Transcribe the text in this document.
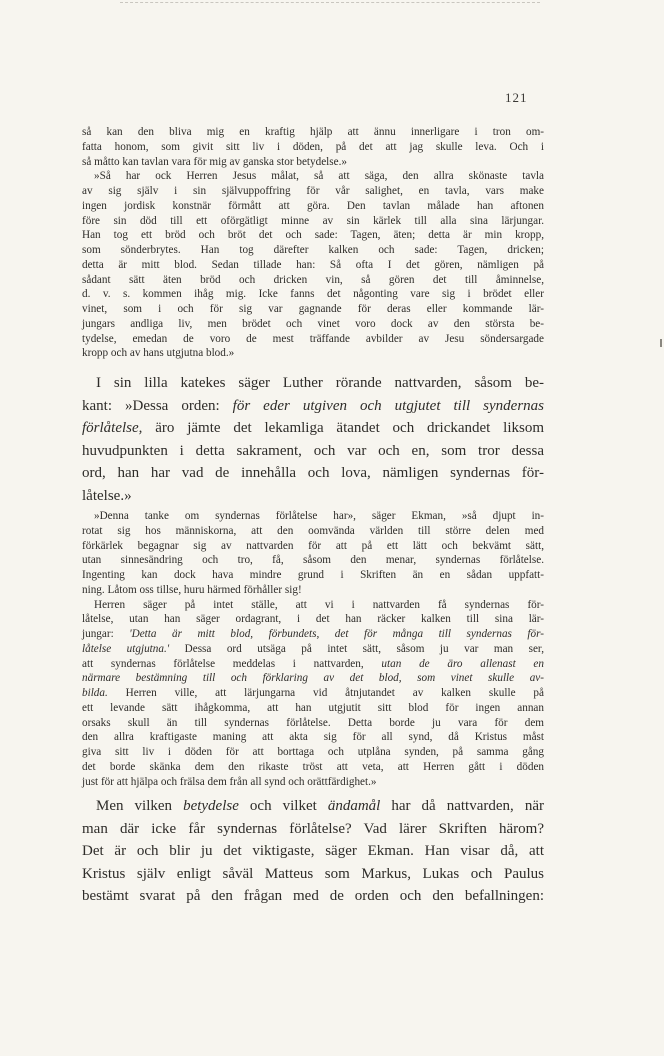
121
så kan den bliva mig en kraftig hjälp att ännu innerligare i tron om-
fatta honom, som givit sitt liv i döden, på det att jag skulle leva. Och i
så måtto kan tavlan vara för mig av ganska stor betydelse.»
»Så har ock Herren Jesus målat, så att säga, den allra skönaste tavla
av sig själv i sin självuppoffring för vår salighet, en tavla, vars make
ingen jordisk konstnär förmått att göra. Den tavlan målade han aftonen
före sin död till ett oförgätligt minne av sin kärlek till alla sina lärjungar.
Han tog ett bröd och bröt det och sade: Tagen, äten; detta är min kropp,
som sönderbrytes. Han tog därefter kalken och sade: Tagen, dricken;
detta är mitt blod. Sedan tillade han: Så ofta I det gören, nämligen på
sådant sätt äten bröd och dricken vin, så gören det till åminnelse,
d. v. s. kommen ihåg mig. Icke fanns det någonting vare sig i brödet eller
vinet, som i och för sig var gagnande för deras eller kommande lär-
jungars andliga liv, men brödet och vinet voro dock av den största be-
tydelse, emedan de voro de mest träffande avbilder av Jesu söndersargade
kropp och av hans utgjutna blod.»
I sin lilla katekes säger Luther rörande nattvarden, såsom be-
kant: »Dessa orden: för eder utgiven och utgjutet till syndernas
förlåtelse, äro jämte det lekamliga ätandet och drickandet liksom
huvudpunkten i detta sakrament, och var och en, som tror dessa
ord, han har vad de innehålla och lova, nämligen syndernas för-
låtelse.»
»Denna tanke om syndernas förlåtelse har», säger Ekman, »så djupt in-
rotat sig hos människorna, att den oomvända världen till större delen med
förkärlek begagnar sig av nattvarden för att på ett lätt och bekvämt sätt,
utan sinnesändring och tro, få, såsom den menar, syndernas förlåtelse.
Ingenting kan dock hava mindre grund i Skriften än en sådan uppfatt-
ning. Låtom oss tillse, huru härmed förhåller sig!
Herren säger på intet ställe, att vi i nattvarden få syndernas för-
låtelse, utan han säger ordagrant, i det han räcker kalken till sina lär-
jungar: 'Detta är mitt blod, förbundets, det för många till syndernas för-
låtelse utgjutna.' Dessa ord utsäga på intet sätt, såsom ju var man ser,
att syndernas förlåtelse meddelas i nattvarden, utan de äro allenast en
närmare bestämning till och förklaring av det blod, som vinet skulle av-
bilda. Herren ville, att lärjungarna vid åtnjutandet av kalken skulle på
ett levande sätt ihågkomma, att han utgjutit sitt blod för ingen annan
orsaks skull än till syndernas förlåtelse. Detta borde ju vara för dem
den allra kraftigaste maning att akta sig för all synd, då Kristus måst
giva sitt liv i döden för att borttaga och utplåna synden, på samma gång
det borde skänka dem den rikaste tröst att veta, att Herren gått i döden
just för att hjälpa och frälsa dem från all synd och orättfärdighet.»
Men vilken betydelse och vilket ändamål har då nattvarden, när
man där icke får syndernas förlåtelse? Vad lärer Skriften härom?
Det är och blir ju det viktigaste, säger Ekman. Han visar då, att
Kristus själv enligt såväl Matteus som Markus, Lukas och Paulus
bestämt svarat på den frågan med de orden och den befallningen:
